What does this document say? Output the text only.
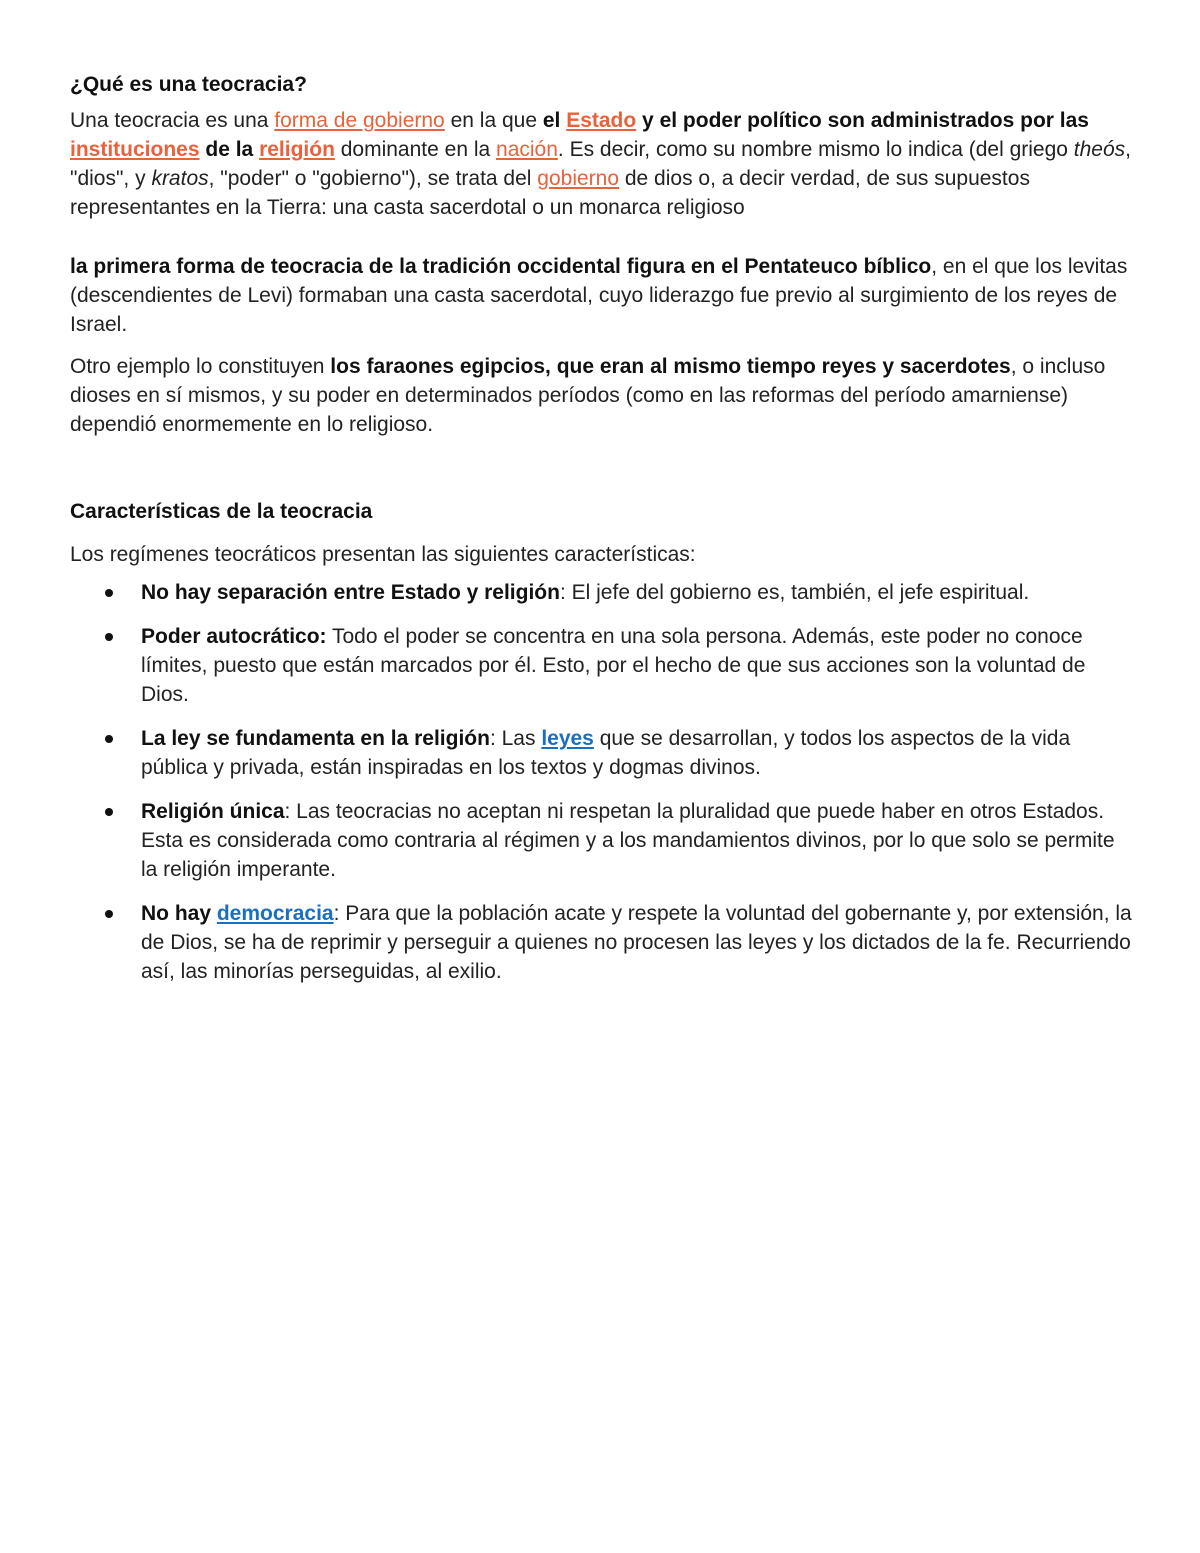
¿Qué es una teocracia?

Una teocracia es una forma de gobierno en la que el Estado y el poder político son administrados por las instituciones de la religión dominante en la nación. Es decir, como su nombre mismo lo indica (del griego theós, "dios", y kratos, "poder" o "gobierno"), se trata del gobierno de dios o, a decir verdad, de sus supuestos representantes en la Tierra: una casta sacerdotal o un monarca religioso

la primera forma de teocracia de la tradición occidental figura en el Pentateuco bíblico, en el que los levitas (descendientes de Levi) formaban una casta sacerdotal, cuyo liderazgo fue previo al surgimiento de los reyes de Israel.

Otro ejemplo lo constituyen los faraones egipcios, que eran al mismo tiempo reyes y sacerdotes, o incluso dioses en sí mismos, y su poder en determinados períodos (como en las reformas del período amarniense) dependió enormemente en lo religioso.

Características de la teocracia

Los regímenes teocráticos presentan las siguientes características:

No hay separación entre Estado y religión: El jefe del gobierno es, también, el jefe espiritual.
Poder autocrático: Todo el poder se concentra en una sola persona. Además, este poder no conoce límites, puesto que están marcados por él. Esto, por el hecho de que sus acciones son la voluntad de Dios.
La ley se fundamenta en la religión: Las leyes que se desarrollan, y todos los aspectos de la vida pública y privada, están inspiradas en los textos y dogmas divinos.
Religión única: Las teocracias no aceptan ni respetan la pluralidad que puede haber en otros Estados. Esta es considerada como contraria al régimen y a los mandamientos divinos, por lo que solo se permite la religión imperante.
No hay democracia: Para que la población acate y respete la voluntad del gobernante y, por extensión, la de Dios, se ha de reprimir y perseguir a quienes no procesen las leyes y los dictados de la fe. Recurriendo así, las minorías perseguidas, al exilio.
